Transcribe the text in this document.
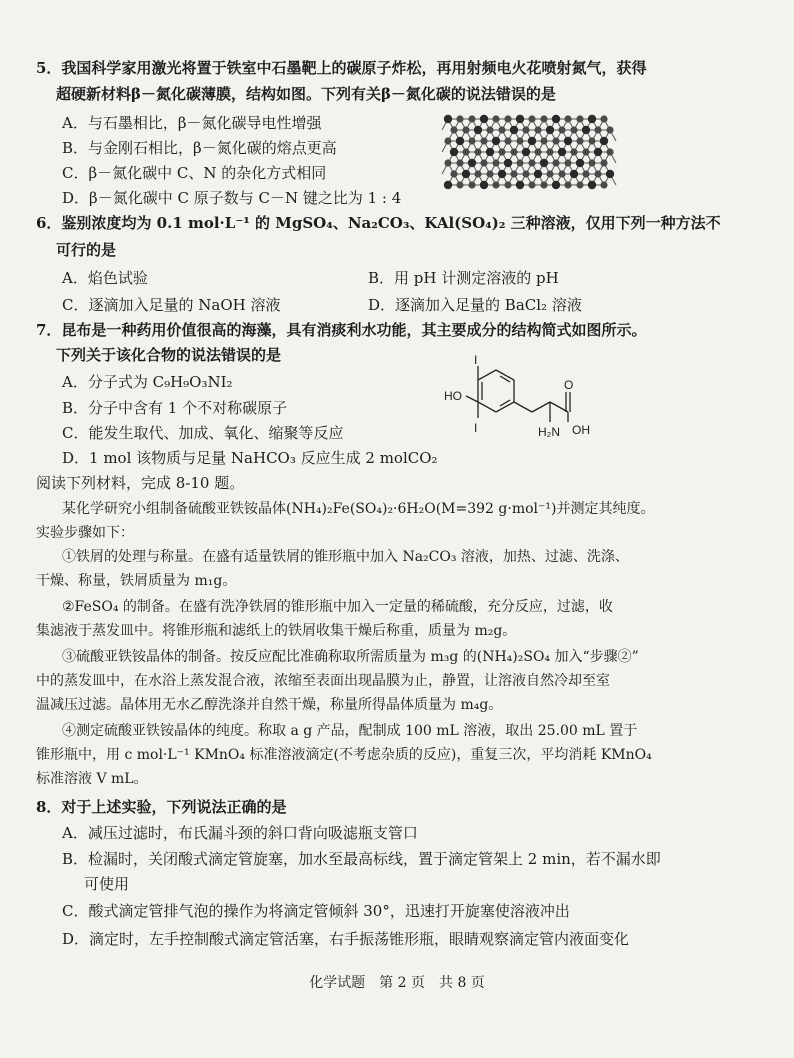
5．我国科学家用激光将置于铁室中石墨靶上的碳原子炸松，再用射频电火花喷射氮气，获得
超硬新材料β－氮化碳薄膜，结构如图。下列有关β－氮化碳的说法错误的是
A．与石墨相比，β－氮化碳导电性增强
B．与金刚石相比，β－氮化碳的熔点更高
C．β－氮化碳中 C、N 的杂化方式相同
D．β－氮化碳中 C 原子数与 C－N 键之比为 1 : 4
6．鉴别浓度均为 0.1 mol·L⁻¹ 的 MgSO₄、Na₂CO₃、KAl(SO₄)₂ 三种溶液，仅用下列一种方法不
可行的是
A．焰色试验	B．用 pH 计测定溶液的 pH
C．逐滴加入足量的 NaOH 溶液	D．逐滴加入足量的 BaCl₂ 溶液
7．昆布是一种药用价值很高的海藻，具有消痰利水功能，其主要成分的结构简式如图所示。
下列关于该化合物的说法错误的是
A．分子式为 C₉H₉O₃NI₂
B．分子中含有 1 个不对称碳原子
C．能发生取代、加成、氧化、缩聚等反应
D．1 mol 该物质与足量 NaHCO₃ 反应生成 2 molCO₂
I
HO
I
O
OH
H₂N
阅读下列材料，完成 8-10 题。
某化学研究小组制备硫酸亚铁铵晶体(NH₄)₂Fe(SO₄)₂·6H₂O(M=392 g·mol⁻¹)并测定其纯度。
实验步骤如下：
①铁屑的处理与称量。在盛有适量铁屑的锥形瓶中加入 Na₂CO₃ 溶液，加热、过滤、洗涤、
干燥、称量，铁屑质量为 m₁g。
②FeSO₄ 的制备。在盛有洗净铁屑的锥形瓶中加入一定量的稀硫酸，充分反应，过滤，收
集滤液于蒸发皿中。将锥形瓶和滤纸上的铁屑收集干燥后称重，质量为 m₂g。
③硫酸亚铁铵晶体的制备。按反应配比准确称取所需质量为 m₃g 的(NH₄)₂SO₄ 加入“步骤②”
中的蒸发皿中，在水浴上蒸发混合液，浓缩至表面出现晶膜为止，静置，让溶液自然冷却至室
温减压过滤。晶体用无水乙醇洗涤并自然干燥，称量所得晶体质量为 m₄g。
④测定硫酸亚铁铵晶体的纯度。称取 a g 产品，配制成 100 mL 溶液，取出 25.00 mL 置于
锥形瓶中，用 c mol·L⁻¹ KMnO₄ 标准溶液滴定(不考虑杂质的反应)，重复三次，平均消耗 KMnO₄
标准溶液 V mL。
8．对于上述实验，下列说法正确的是
A．减压过滤时，布氏漏斗颈的斜口背向吸滤瓶支管口
B．检漏时，关闭酸式滴定管旋塞，加水至最高标线，置于滴定管架上 2 min，若不漏水即
可使用
C．酸式滴定管排气泡的操作为将滴定管倾斜 30°，迅速打开旋塞使溶液冲出
D．滴定时，左手控制酸式滴定管活塞，右手振荡锥形瓶，眼睛观察滴定管内液面变化
化学试题　第 2 页　共 8 页
